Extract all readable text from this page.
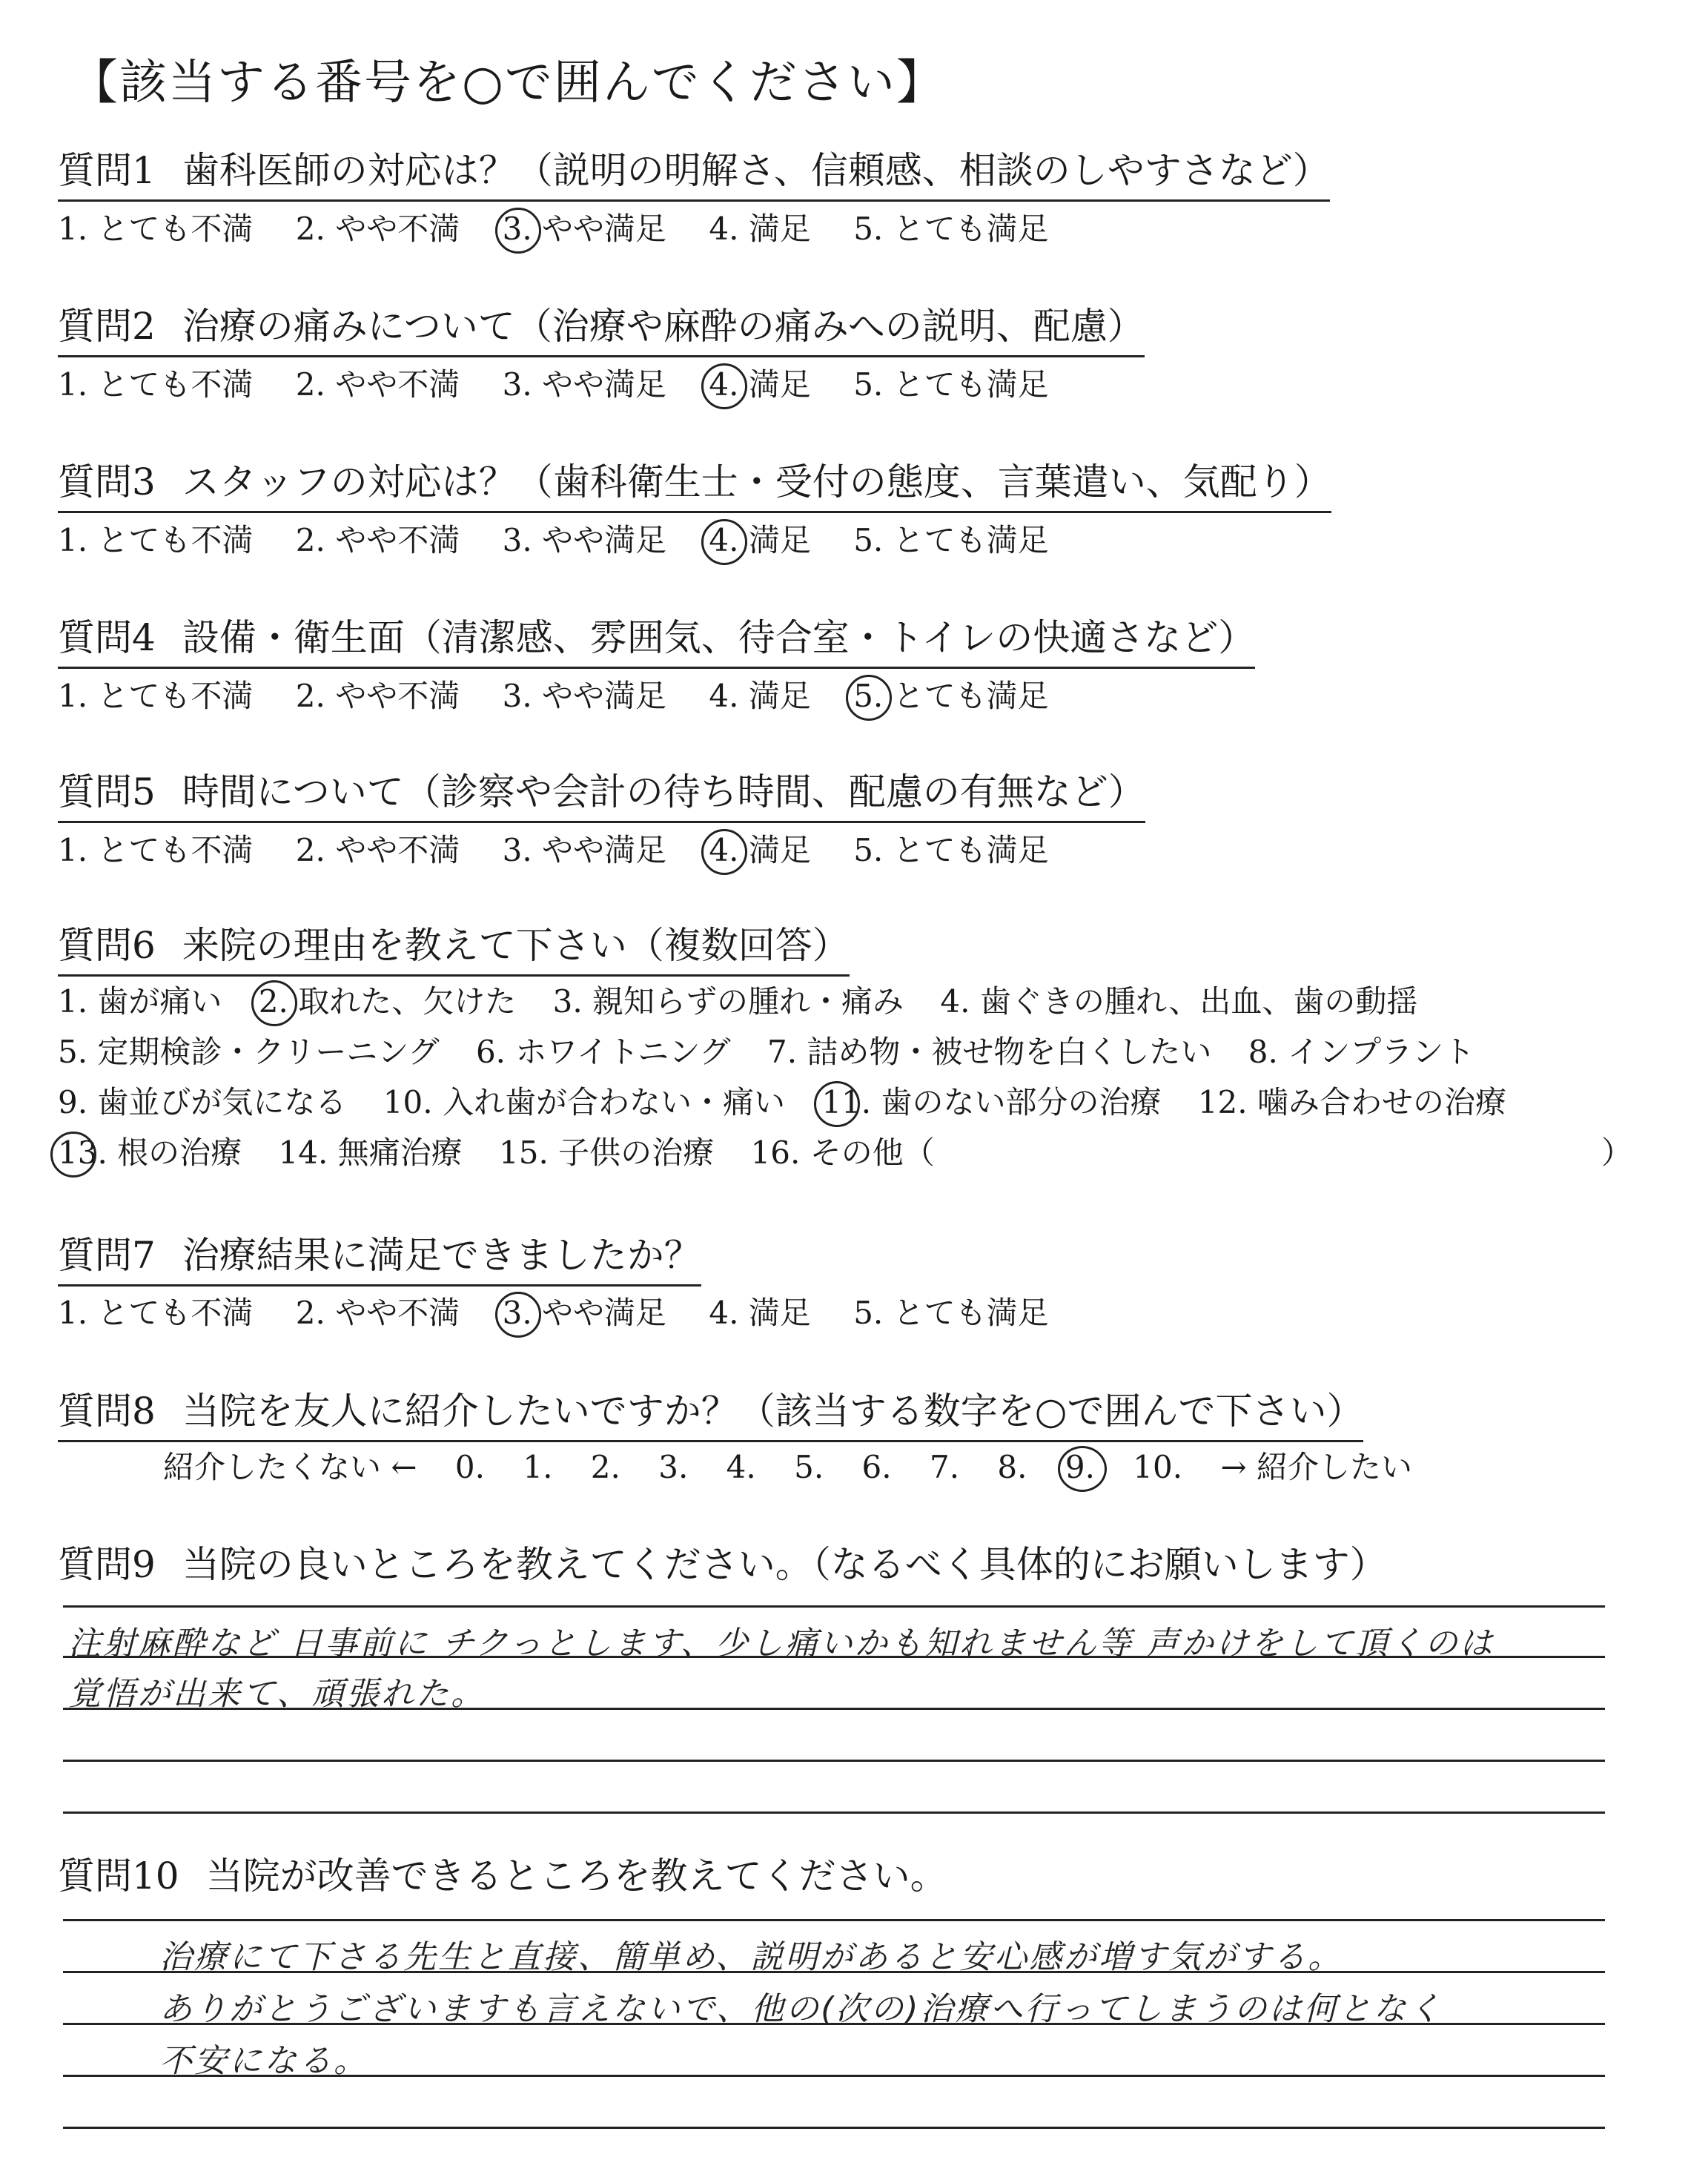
【該当する番号を○で囲んでください】
質問1 歯科医師の対応は？（説明の明解さ、信頼感、相談のしやすさなど）
1. とても不満 2. やや不満 3. やや満足 4. 満足 5. とても満足
質問2 治療の痛みについて（治療や麻酔の痛みへの説明、配慮）
1. とても不満 2. やや不満 3. やや満足 4. 満足 5. とても満足
質問3 スタッフの対応は？（歯科衛生士・受付の態度、言葉遣い、気配り）
1. とても不満 2. やや不満 3. やや満足 4. 満足 5. とても満足
質問4 設備・衛生面（清潔感、雰囲気、待合室・トイレの快適さなど）
1. とても不満 2. やや不満 3. やや満足 4. 満足 5. とても満足
質問5 時間について（診察や会計の待ち時間、配慮の有無など）
1. とても不満 2. やや不満 3. やや満足 4. 満足 5. とても満足
質問6 来院の理由を教えて下さい（複数回答）
1. 歯が痛い 2. 取れた、欠けた 3. 親知らずの腫れ・痛み 4. 歯ぐきの腫れ、出血、歯の動揺
5. 定期検診・クリーニング 6. ホワイトニング 7. 詰め物・被せ物を白くしたい 8. インプラント
9. 歯並びが気になる 10. 入れ歯が合わない・痛い 11. 歯のない部分の治療 12. 噛み合わせの治療
13. 根の治療 14. 無痛治療 15. 子供の治療 16. その他（	）
質問7 治療結果に満足できましたか？
1. とても不満 2. やや不満 3. やや満足 4. 満足 5. とても満足
質問8 当院を友人に紹介したいですか？（該当する数字を○で囲んで下さい）
紹介したくない ← 0. 1. 2. 3. 4. 5. 6. 7. 8. 9. 10. → 紹介したい
質問9 当院の良いところを教えてください。（なるべく具体的にお願いします）
注射麻酔など 日事前に チクっとします、少し痛いかも知れません等 声かけをして頂くのは
覚悟が出来て、頑張れた。
質問10 当院が改善できるところを教えてください。
治療にて下さる先生と直接、簡単め、説明があると安心感が増す気がする。
ありがとうございますも言えないで、他の(次の)治療へ行ってしまうのは何となく
不安になる。
